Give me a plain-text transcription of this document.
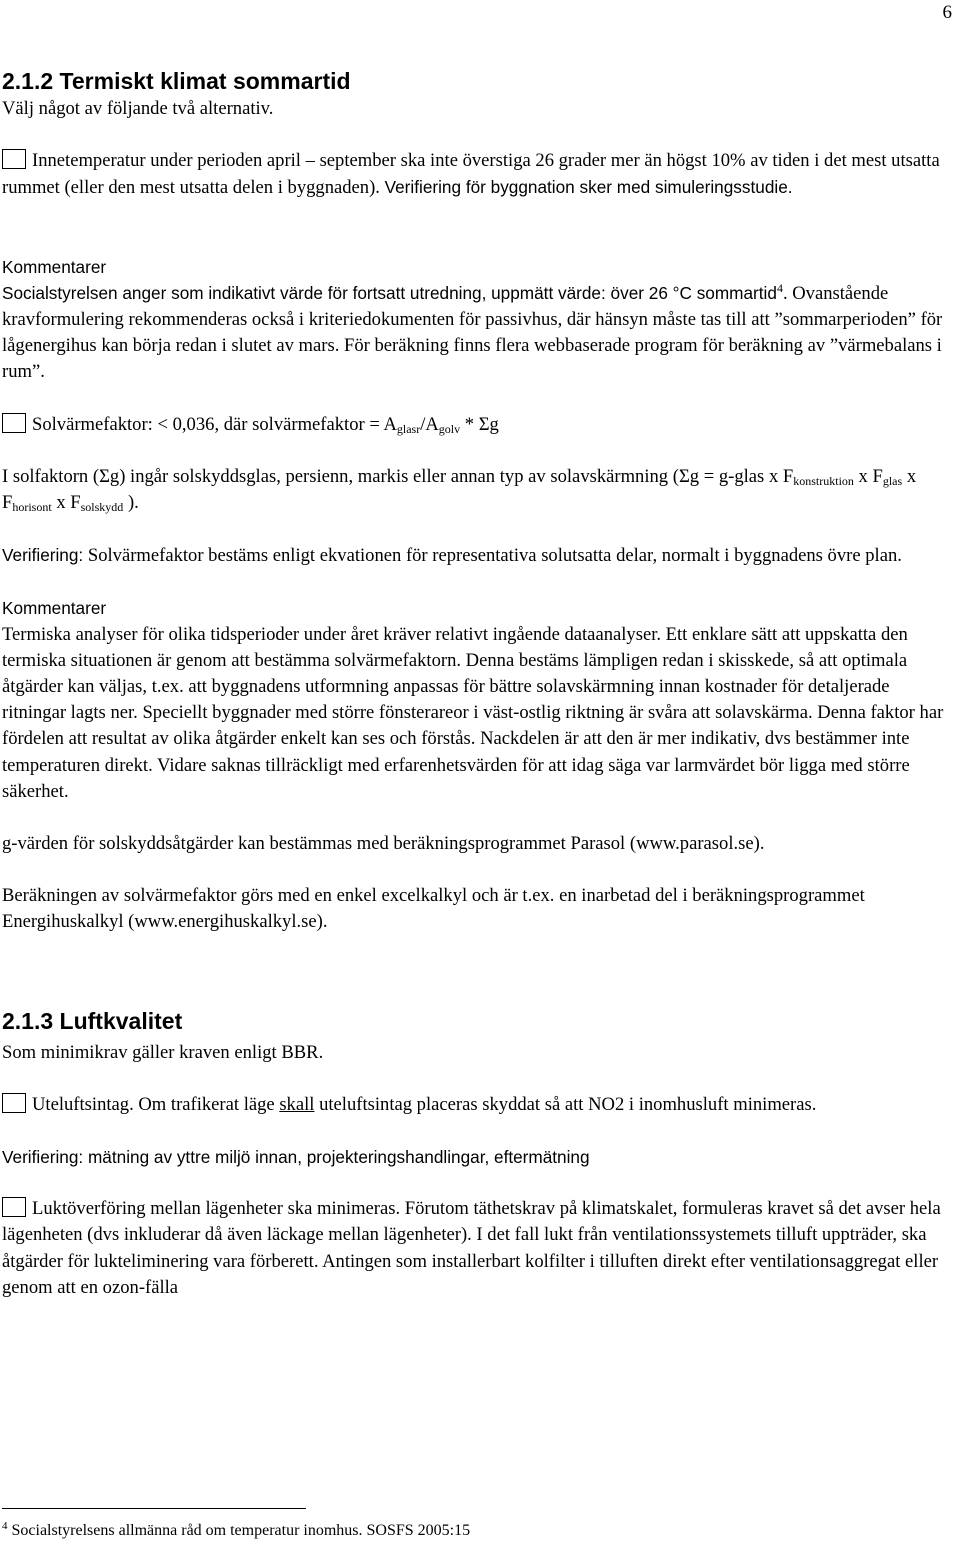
6
2.1.2 Termiskt klimat sommartid

Välj något av följande två alternativ.

Innetemperatur under perioden april – september ska inte överstiga 26 grader mer än högst 10% av tiden i det mest utsatta rummet (eller den mest utsatta delen i byggnaden). Verifiering för byggnation sker med simuleringsstudie.

Kommentarer

Socialstyrelsen anger som indikativt värde för fortsatt utredning, uppmätt värde: över 26 °C sommartid$^4$. Ovanstående kravformulering rekommenderas också i kriteriedokumenten för passivhus, där hänsyn måste tas till att ”sommarperioden” för lågenergihus kan börja redan i slutet av mars. För beräkning finns flera webbaserade program för beräkning av ”värmebalans i rum”.

Solvärmefaktor: < 0,036, där solvärmefaktor = $A_{glasr}/A_{golv}$ * Σg

I solfaktorn (Σg) ingår solskyddsglas, persienn, markis eller annan typ av solavskärmning (Σg = g-glas x $F_{konstruktion}$ x $F_{glas}$ x $F_{horisont}$ x $F_{solskydd}$ ).

Verifiering: Solvärmefaktor bestäms enligt ekvationen för representativa solutsatta delar, normalt i byggnadens övre plan.

Kommentarer

Termiska analyser för olika tidsperioder under året kräver relativt ingående dataanalyser. Ett enklare sätt att uppskatta den termiska situationen är genom att bestämma solvärmefaktorn. Denna bestäms lämpligen redan i skisskede, så att optimala åtgärder kan väljas, t.ex. att byggnadens utformning anpassas för bättre solavskärmning innan kostnader för detaljerade ritningar lagts ner. Speciellt byggnader med större fönsterareor i väst-ostlig riktning är svåra att solavskärma. Denna faktor har fördelen att resultat av olika åtgärder enkelt kan ses och förstås. Nackdelen är att den är mer indikativ, dvs bestämmer inte temperaturen direkt. Vidare saknas tillräckligt med erfarenhetsvärden för att idag säga var larmvärdet bör ligga med större säkerhet.

g-värden för solskyddsåtgärder kan bestämmas med beräkningsprogrammet Parasol (www.parasol.se).

Beräkningen av solvärmefaktor görs med en enkel excelkalkyl och är t.ex. en inarbetad del i beräkningsprogrammet Energihuskalkyl (www.energihuskalkyl.se).

2.1.3 Luftkvalitet

Som minimikrav gäller kraven enligt BBR.

Uteluftsintag. Om trafikerat läge skall uteluftsintag placeras skyddat så att NO2 i inomhusluft minimeras.

Verifiering: mätning av yttre miljö innan, projekteringshandlingar, eftermätning

Luktöverföring mellan lägenheter ska minimeras. Förutom täthetskrav på klimatskalet, formuleras kravet så det avser hela lägenheten (dvs inkluderar då även läckage mellan lägenheter). I det fall lukt från ventilationssystemets tilluft uppträder, ska åtgärder för lukteliminering vara förberett. Antingen som installerbart kolfilter i tilluften direkt efter ventilationsaggregat eller genom att en ozon-fälla

$^4$ Socialstyrelsens allmänna råd om temperatur inomhus. SOSFS 2005:15
